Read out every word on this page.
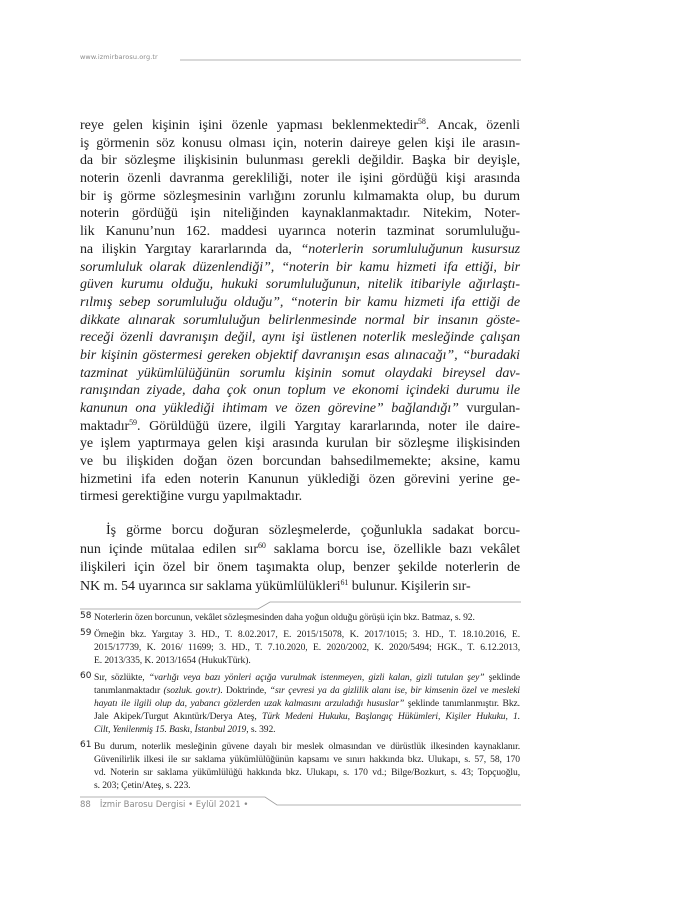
www.izmirbarosu.org.tr
reye gelen kişinin işini özenle yapması beklenmektedir$^{58}$. Ancak, özenli
iş görmenin söz konusu olması için, noterin daireye gelen kişi ile arasın-
da bir sözleşme ilişkisinin bulunması gerekli değildir. Başka bir deyişle,
noterin özenli davranma gerekliliği, noter ile işini gördüğü kişi arasında
bir iş görme sözleşmesinin varlığını zorunlu kılmamakta olup, bu durum
noterin gördüğü işin niteliğinden kaynaklanmaktadır. Nitekim, Noter-
lik Kanunu’nun 162. maddesi uyarınca noterin tazminat sorumluluğu-
na ilişkin Yargıtay kararlarında da, “noterlerin sorumluluğunun kusursuz
sorumluluk olarak düzenlendiği”, “noterin bir kamu hizmeti ifa ettiği, bir
güven kurumu olduğu, hukuki sorumluluğunun, nitelik itibariyle ağırlaştı-
rılmış sebep sorumluluğu olduğu”, “noterin bir kamu hizmeti ifa ettiği de
dikkate alınarak sorumluluğun belirlenmesinde normal bir insanın göste-
receği özenli davranışın değil, aynı işi üstlenen noterlik mesleğinde çalışan
bir kişinin göstermesi gereken objektif davranışın esas alınacağı”, “buradaki
tazminat yükümlülüğünün sorumlu kişinin somut olaydaki bireysel dav-
ranışından ziyade, daha çok onun toplum ve ekonomi içindeki durumu ile
kanunun ona yüklediği ihtimam ve özen görevine” bağlandığı” vurgulan-
maktadır$^{59}$. Görüldüğü üzere, ilgili Yargıtay kararlarında, noter ile daire-
ye işlem yaptırmaya gelen kişi arasında kurulan bir sözleşme ilişkisinden
ve bu ilişkiden doğan özen borcundan bahsedilmemekte; aksine, kamu
hizmetini ifa eden noterin Kanunun yüklediği özen görevini yerine ge-
tirmesi gerektiğine vurgu yapılmaktadır.
İş görme borcu doğuran sözleşmelerde, çoğunlukla sadakat borcu-
nun içinde mütalaa edilen sır$^{60}$ saklama borcu ise, özellikle bazı vekâlet
ilişkileri için özel bir önem taşımakta olup, benzer şekilde noterlerin de
NK m. 54 uyarınca sır saklama yükümlülükleri$^{61}$ bulunur. Kişilerin sır-
58 Noterlerin özen borcunun, vekâlet sözleşmesinden daha yoğun olduğu görüşü için bkz. Batmaz, s. 92.
59 Örneğin bkz. Yargıtay 3. HD., T. 8.02.2017, E. 2015/15078, K. 2017/1015; 3. HD., T. 18.10.2016, E.
2015/17739, K. 2016/ 11699; 3. HD., T. 7.10.2020, E. 2020/2002, K. 2020/5494; HGK., T. 6.12.2013,
E. 2013/335, K. 2013/1654 (HukukTürk).
60 Sır, sözlükte, “varlığı veya bazı yönleri açığa vurulmak istenmeyen, gizli kalan, gizli tutulan şey” şeklinde
tanımlanmaktadır (sozluk. gov.tr). Doktrinde, “sır çevresi ya da gizlilik alanı ise, bir kimsenin özel ve mesleki
hayatı ile ilgili olup da, yabancı gözlerden uzak kalmasını arzuladığı hususlar” şeklinde tanımlanmıştır. Bkz.
Jale Akipek/Turgut Akıntürk/Derya Ateş, Türk Medeni Hukuku, Başlangıç Hükümleri, Kişiler Hukuku, 1.
Cilt, Yenilenmiş 15. Baskı, İstanbul 2019, s. 392.
61 Bu durum, noterlik mesleğinin güvene dayalı bir meslek olmasından ve dürüstlük ilkesinden kaynaklanır.
Güvenilirlik ilkesi ile sır saklama yükümlülüğünün kapsamı ve sınırı hakkında bkz. Ulukapı, s. 57, 58, 170
vd. Noterin sır saklama yükümlülüğü hakkında bkz. Ulukapı, s. 170 vd.; Bilge/Bozkurt, s. 43; Topçuoğlu,
s. 203; Çetin/Ateş, s. 223.
88 İzmir Barosu Dergisi • Eylül 2021 •
